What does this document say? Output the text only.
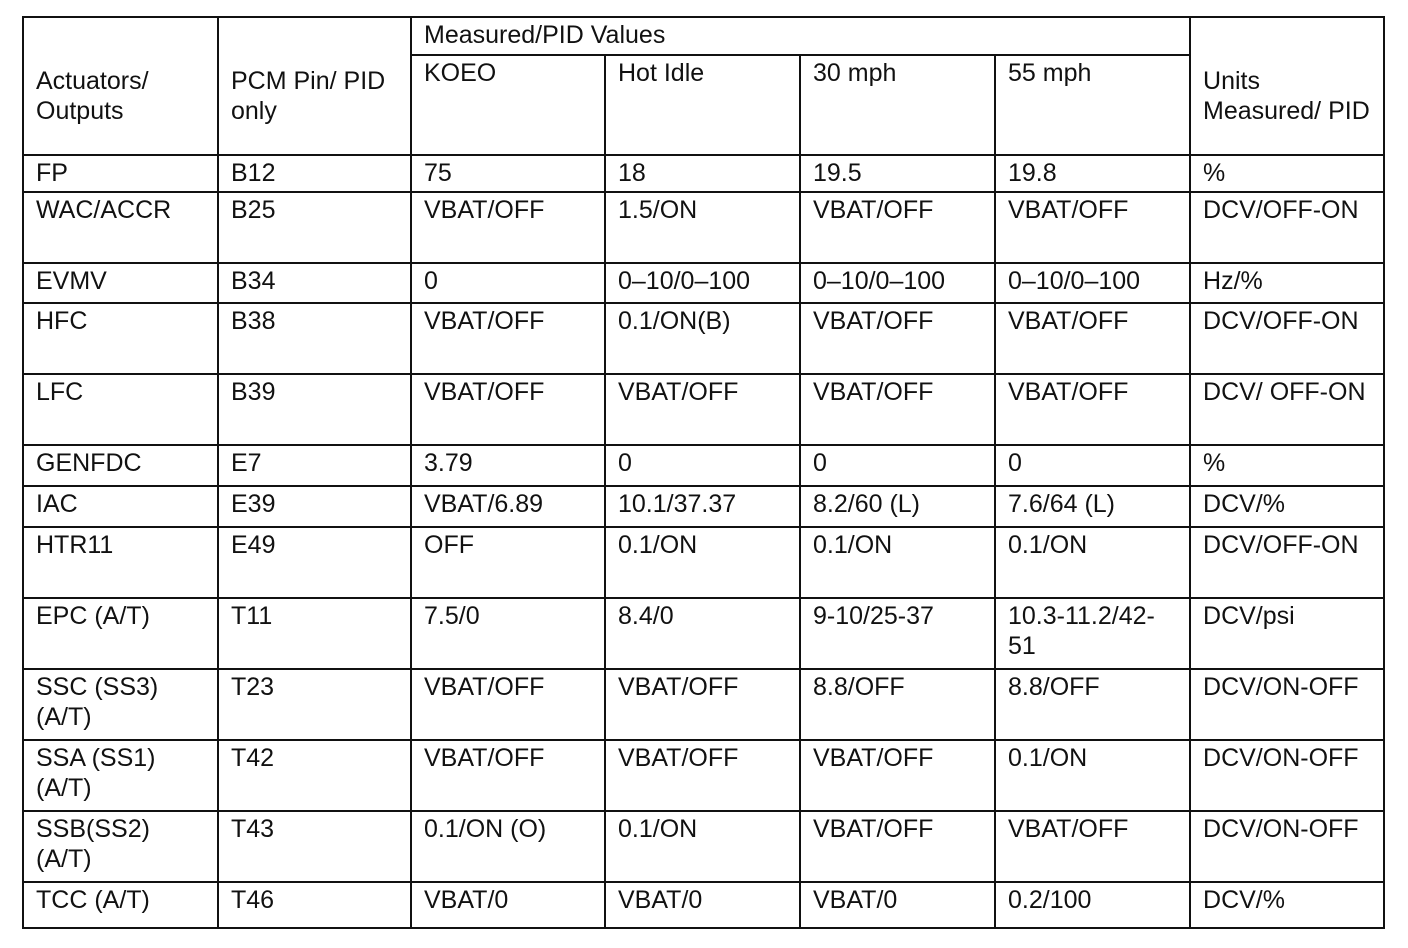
Actuators/ Outputs	PCM Pin/ PID only	Measured/PID Values				Units Measured/ PID
		KOEO	Hot Idle	30 mph	55 mph	
FP	B12	75	18	19.5	19.8	%
WAC/ACCR	B25	VBAT/OFF	1.5/ON	VBAT/OFF	VBAT/OFF	DCV/OFF-ON
EVMV	B34	0	0–10/0–100	0–10/0–100	0–10/0–100	Hz/%
HFC	B38	VBAT/OFF	0.1/ON(B)	VBAT/OFF	VBAT/OFF	DCV/OFF-ON
LFC	B39	VBAT/OFF	VBAT/OFF	VBAT/OFF	VBAT/OFF	DCV/ OFF-ON
GENFDC	E7	3.79	0	0	0	%
IAC	E39	VBAT/6.89	10.1/37.37	8.2/60 (L)	7.6/64 (L)	DCV/%
HTR11	E49	OFF	0.1/ON	0.1/ON	0.1/ON	DCV/OFF-ON
EPC (A/T)	T11	7.5/0	8.4/0	9-10/25-37	10.3-11.2/42-51	DCV/psi
SSC (SS3) (A/T)	T23	VBAT/OFF	VBAT/OFF	8.8/OFF	8.8/OFF	DCV/ON-OFF
SSA (SS1) (A/T)	T42	VBAT/OFF	VBAT/OFF	VBAT/OFF	0.1/ON	DCV/ON-OFF
SSB(SS2) (A/T)	T43	0.1/ON (O)	0.1/ON	VBAT/OFF	VBAT/OFF	DCV/ON-OFF
TCC (A/T)	T46	VBAT/0	VBAT/0	VBAT/0	0.2/100	DCV/%
